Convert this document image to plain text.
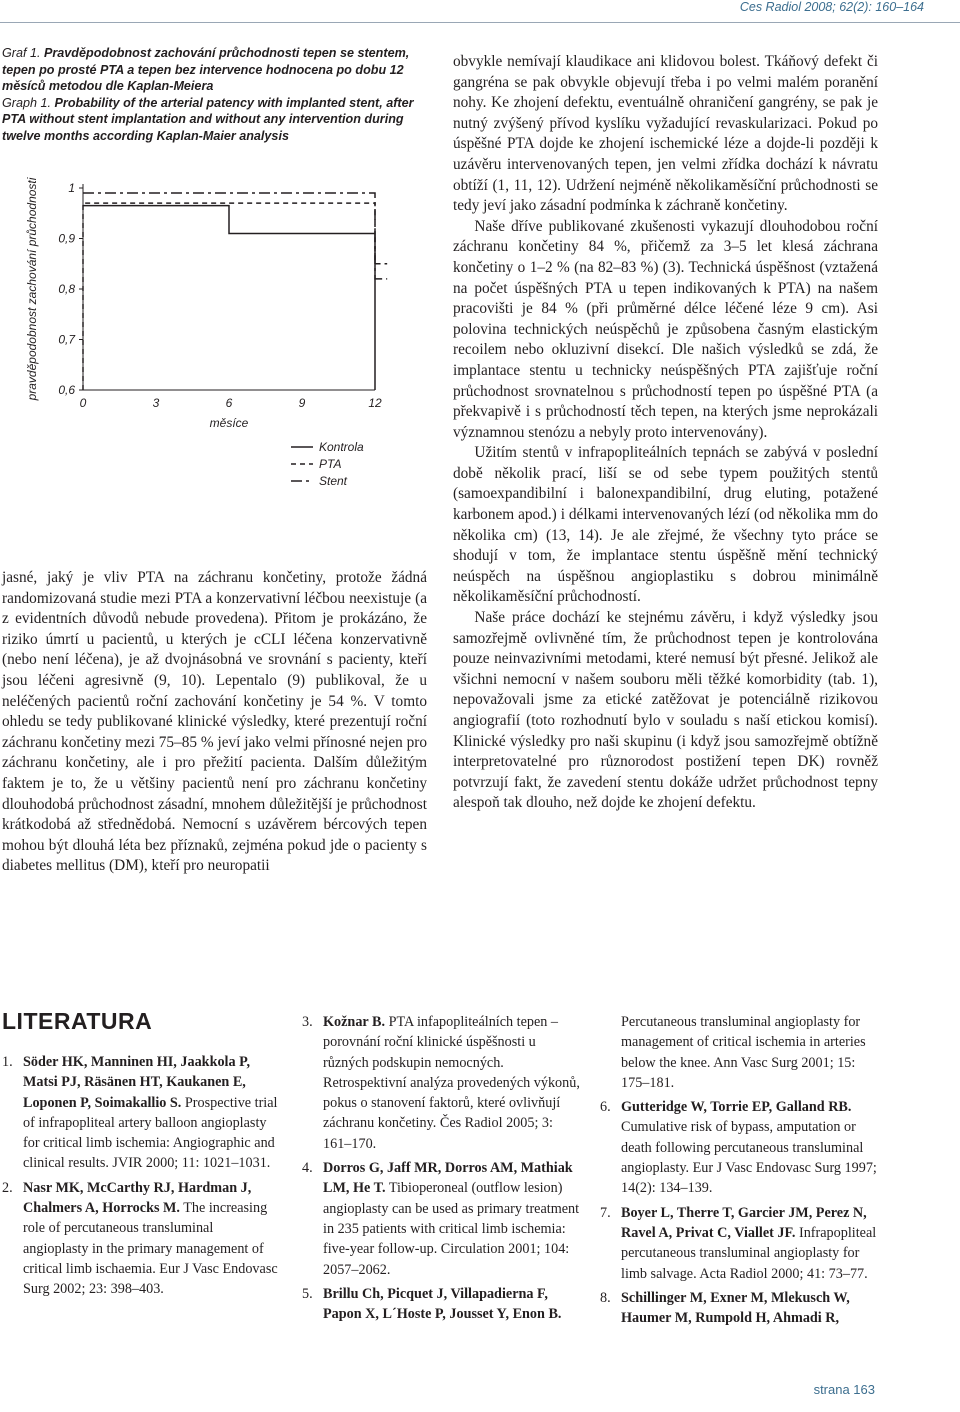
Ces Radiol 2008; 62(2): 160–164
Graf 1. Pravděpodobnost zachování průchodnosti tepen se stentem, tepen po prosté PTA a tepen bez intervence hodnocena po dobu 12 měsíců metodou dle Kaplan-Meiera
Graph 1. Probability of the arterial patency with implanted stent, after PTA without stent implantation and without any intervention during twelve months according Kaplan-Maier analysis
1
0,9
0,8
0,7
0,6
0	3	6	9	12
pravděpodobnost zachování průchodnosti
měsíce
Kontrola
PTA
Stent

jasné, jaký je vliv PTA na záchranu končetiny, protože žádná randomizovaná studie mezi PTA a konzervativní léčbou neexistuje (a z evidentních důvodů nebude provedena). Přitom je prokázáno, že riziko úmrtí u pacientů, u kterých je cCLI léčena konzervativně (nebo není léčena), je až dvojnásobná ve srovnání s pacienty, kteří jsou léčeni agresivně (9, 10). Lepentalo (9) publikoval, že u neléčených pacientů roční zachování končetiny je 54 %. V tomto ohledu se tedy publikované klinické výsledky, které prezentují roční záchranu končetiny mezi 75–85 % jeví jako velmi přínosné nejen pro záchranu končetiny, ale i pro přežití pacienta. Dalším důležitým faktem je to, že u většiny pacientů není pro záchranu končetiny dlouhodobá průchodnost zásadní, mnohem důležitější je průchodnost krátkodobá až střednědobá. Nemocní s uzávěrem bércových tepen mohou být dlouhá léta bez příznaků, zejména pokud jde o pacienty s diabetes mellitus (DM), kteří pro neuropatii

obvykle nemívají klaudikace ani klidovou bolest. Tkáňový defekt či gangréna se pak obvykle objevují třeba i po velmi malém poranění nohy. Ke zhojení defektu, eventuálně ohraničení gangrény, se pak je nutný zvýšený přívod kyslíku vyžadující revaskularizaci. Pokud po úspěšné PTA dojde ke zhojení ischemické léze a dojde-li později k uzávěru intervenovaných tepen, jen velmi zřídka dochází k návratu obtíží (1, 11, 12). Udržení nejméně několikaměsíční průchodnosti se tedy jeví jako zásadní podmínka k záchraně končetiny.

Naše dříve publikované zkušenosti vykazují dlouhodobou roční záchranu končetiny 84 %, přičemž za 3–5 let klesá záchrana končetiny o 1–2 % (na 82–83 %) (3). Technická úspěšnost (vztažená na počet úspěšných PTA u tepen indikovaných k PTA) na našem pracovišti je 84 % (při průměrné délce léčené léze 9 cm). Asi polovina technických neúspěchů je způsobena časným elastickým recoilem nebo okluzivní disekcí. Dle našich výsledků se zdá, že implantace stentu u technicky neúspěšných PTA zajišťuje roční průchodnost srovnatelnou s průchodností tepen po úspěšné PTA (a překvapivě i s průchodností těch tepen, na kterých jsme neprokázali významnou stenózu a nebyly proto intervenovány).

Užitím stentů v infrapopliteálních tepnách se zabývá v poslední době několik prací, liší se od sebe typem použitých stentů (samoexpandibilní i balonexpandibilní, drug eluting, potažené karbonem apod.) i délkami intervenovaných lézí (od několika mm do několika cm) (13, 14). Je ale zřejmé, že všechny tyto práce se shodují v tom, že implantace stentu úspěšně mění technický neúspěch na úspěšnou angioplastiku s dobrou minimálně několikaměsíční průchodností.

Naše práce dochází ke stejnému závěru, i když výsledky jsou samozřejmě ovlivněné tím, že průchodnost tepen je kontrolována pouze neinvazivními metodami, které nemusí být přesné. Jelikož ale všichni nemocní v našem souboru měli těžké komorbidity (tab. 1), nepovažovali jsme za etické zatěžovat je potenciálně rizikovou angiografií (toto rozhodnutí bylo v souladu s naší etickou komisí). Klinické výsledky pro naši skupinu (i když jsou samozřejmě obtížně interpretovatelné pro různorodost postižení tepen DK) rovněž potvrzují fakt, že zavedení stentu dokáže udržet průchodnost tepny alespoň tak dlouho, než dojde ke zhojení defektu.

LITERATURA

1. Söder HK, Manninen HI, Jaakkola P, Matsi PJ, Räsänen HT, Kaukanen E, Loponen P, Soimakallio S. Prospective trial of infrapopliteal artery balloon angioplasty for critical limb ischemia: Angiographic and clinical results. JVIR 2000; 11: 1021–1031.

2. Nasr MK, McCarthy RJ, Hardman J, Chalmers A, Horrocks M. The increasing role of percutaneous transluminal angioplasty in the primary management of critical limb ischaemia. Eur J Vasc Endovasc Surg 2002; 23: 398–403.

3. Kožnar B. PTA infapopliteálních tepen – porovnání roční klinické úspěšnosti u různých podskupin nemocných. Retrospektivní analýza provedených výkonů, pokus o stanovení faktorů, které ovlivňují záchranu končetiny. Čes Radiol 2005; 3: 161–170.

4. Dorros G, Jaff MR, Dorros AM, Mathiak LM, He T. Tibioperoneal (outflow lesion) angioplasty can be used as primary treatment in 235 patients with critical limb ischemia: five-year follow-up. Circulation 2001; 104: 2057–2062.

5. Brillu Ch, Picquet J, Villapadierna F, Papon X, L´Hoste P, Jousset Y, Enon B.

Percutaneous transluminal angioplasty for management of critical ischemia in arteries below the knee. Ann Vasc Surg 2001; 15: 175–181.

6. Gutteridge W, Torrie EP, Galland RB. Cumulative risk of bypass, amputation or death following percutaneous transluminal angioplasty. Eur J Vasc Endovasc Surg 1997; 14(2): 134–139.

7. Boyer L, Therre T, Garcier JM, Perez N, Ravel A, Privat C, Viallet JF. Infrapopliteal percutaneous transluminal angioplasty for limb salvage. Acta Radiol 2000; 41: 73–77.

8. Schillinger M, Exner M, Mlekusch W, Haumer M, Rumpold H, Ahmadi R,

strana 163
